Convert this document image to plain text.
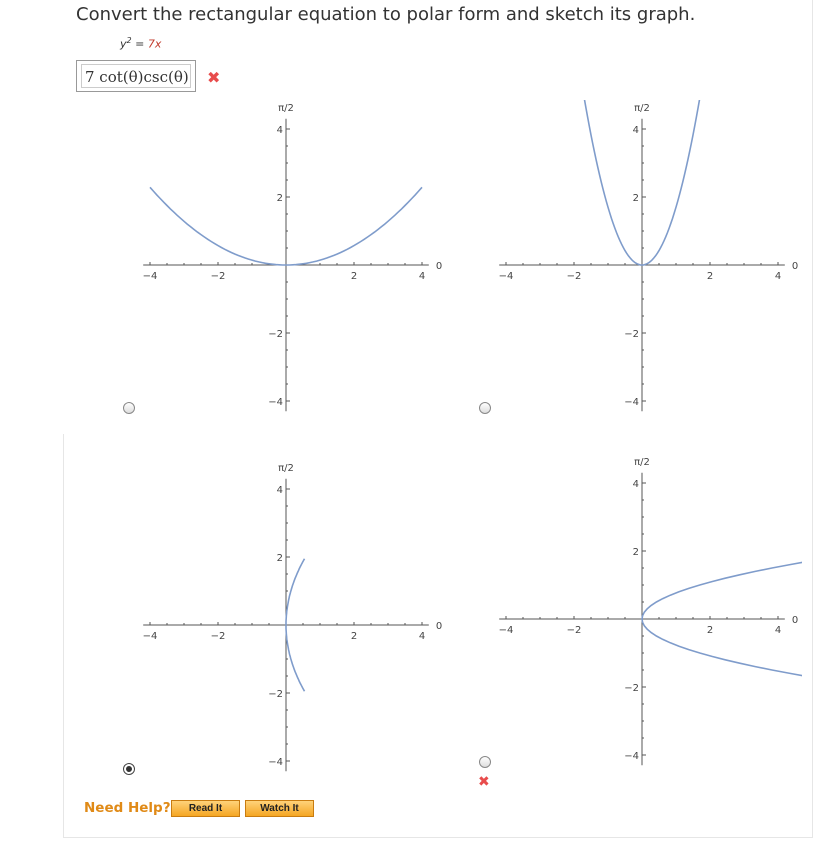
Convert the rectangular equation to polar form and sketch its graph.
$y^2 = 7x$
7 cot(θ)csc(θ) ✖
−4	−2	2	4
4
2
−2
−4
π/2
0
−4	−2	2	4
4
2
−2
−4
π/2
0
−4	−2	2	4
4
2
−2
−4
π/2
0	−4	−2	2	4
4
2
−2
−4
π/2
0
✖
Need Help?	Read It	Watch It
